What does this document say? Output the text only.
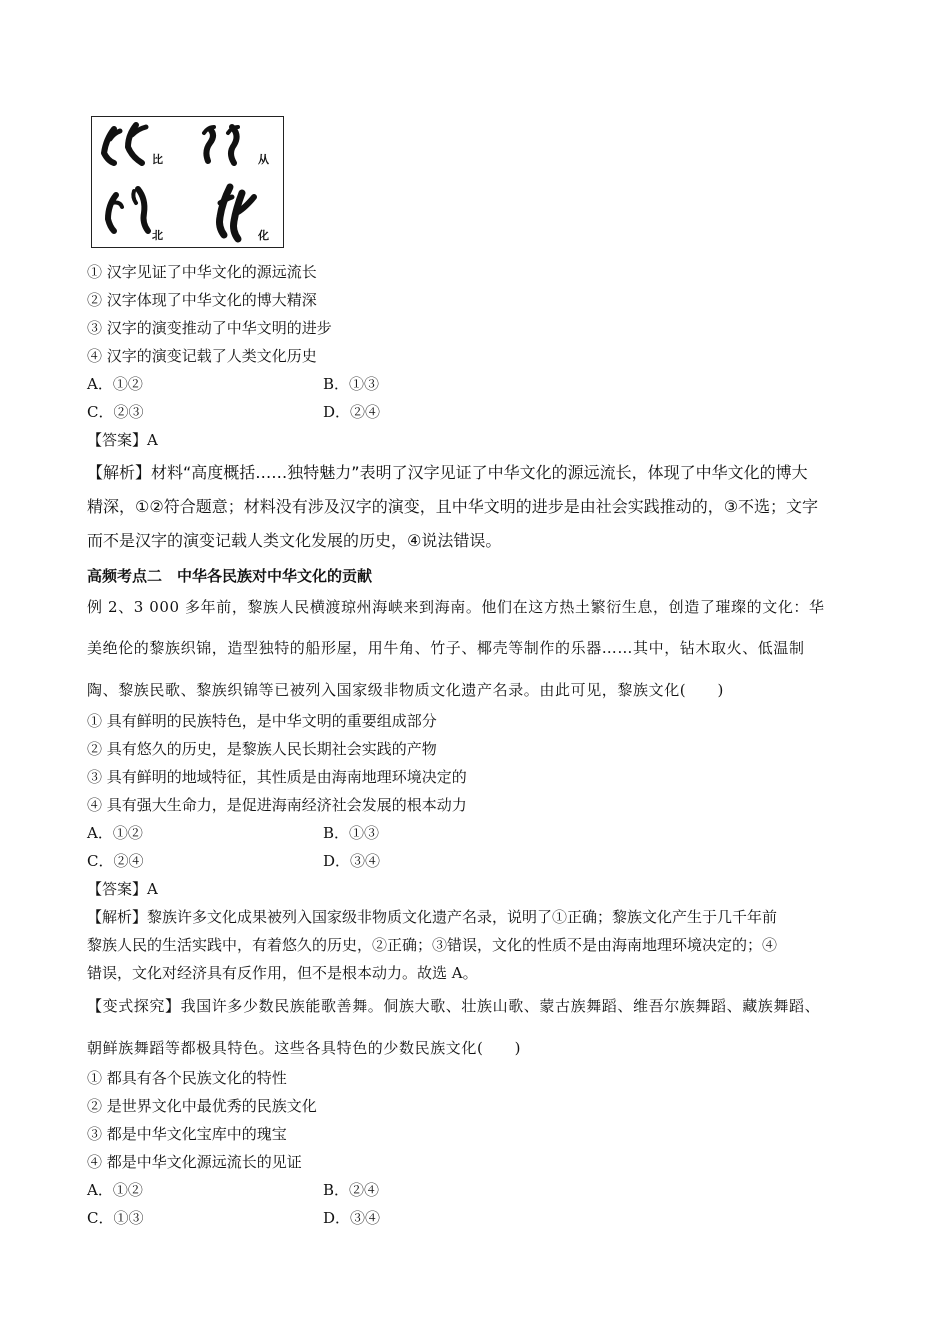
比	从
北	化
① 汉字见证了中华文化的源远流长
② 汉字体现了中华文化的博大精深
③ 汉字的演变推动了中华文明的进步
④ 汉字的演变记载了人类文化历史
A．①②	B．①③
C．②③	D．②④
【答案】A
【解析】材料“高度概括……独特魅力”表明了汉字见证了中华文化的源远流长，体现了中华文化的博大
精深，①②符合题意；材料没有涉及汉字的演变，且中华文明的进步是由社会实践推动的，③不选；文字
而不是汉字的演变记载人类文化发展的历史，④说法错误。
高频考点二　中华各民族对中华文化的贡献
例 2、3 000 多年前，黎族人民横渡琼州海峡来到海南。他们在这方热土繁衍生息，创造了璀璨的文化：华
美绝伦的黎族织锦，造型独特的船形屋，用牛角、竹子、椰壳等制作的乐器……其中，钻木取火、低温制
陶、黎族民歌、黎族织锦等已被列入国家级非物质文化遗产名录。由此可见，黎族文化(　　)
① 具有鲜明的民族特色，是中华文明的重要组成部分
② 具有悠久的历史，是黎族人民长期社会实践的产物
③ 具有鲜明的地域特征，其性质是由海南地理环境决定的
④ 具有强大生命力，是促进海南经济社会发展的根本动力
A．①②	B．①③
C．②④	D．③④
【答案】A
【解析】黎族许多文化成果被列入国家级非物质文化遗产名录，说明了①正确；黎族文化产生于几千年前
黎族人民的生活实践中，有着悠久的历史，②正确；③错误，文化的性质不是由海南地理环境决定的；④
错误，文化对经济具有反作用，但不是根本动力。故选 A。
【变式探究】我国许多少数民族能歌善舞。侗族大歌、壮族山歌、蒙古族舞蹈、维吾尔族舞蹈、藏族舞蹈、
朝鲜族舞蹈等都极具特色。这些各具特色的少数民族文化(　　)
① 都具有各个民族文化的特性
② 是世界文化中最优秀的民族文化
③ 都是中华文化宝库中的瑰宝
④ 都是中华文化源远流长的见证
A．①②	B．②④
C．①③	D．③④
